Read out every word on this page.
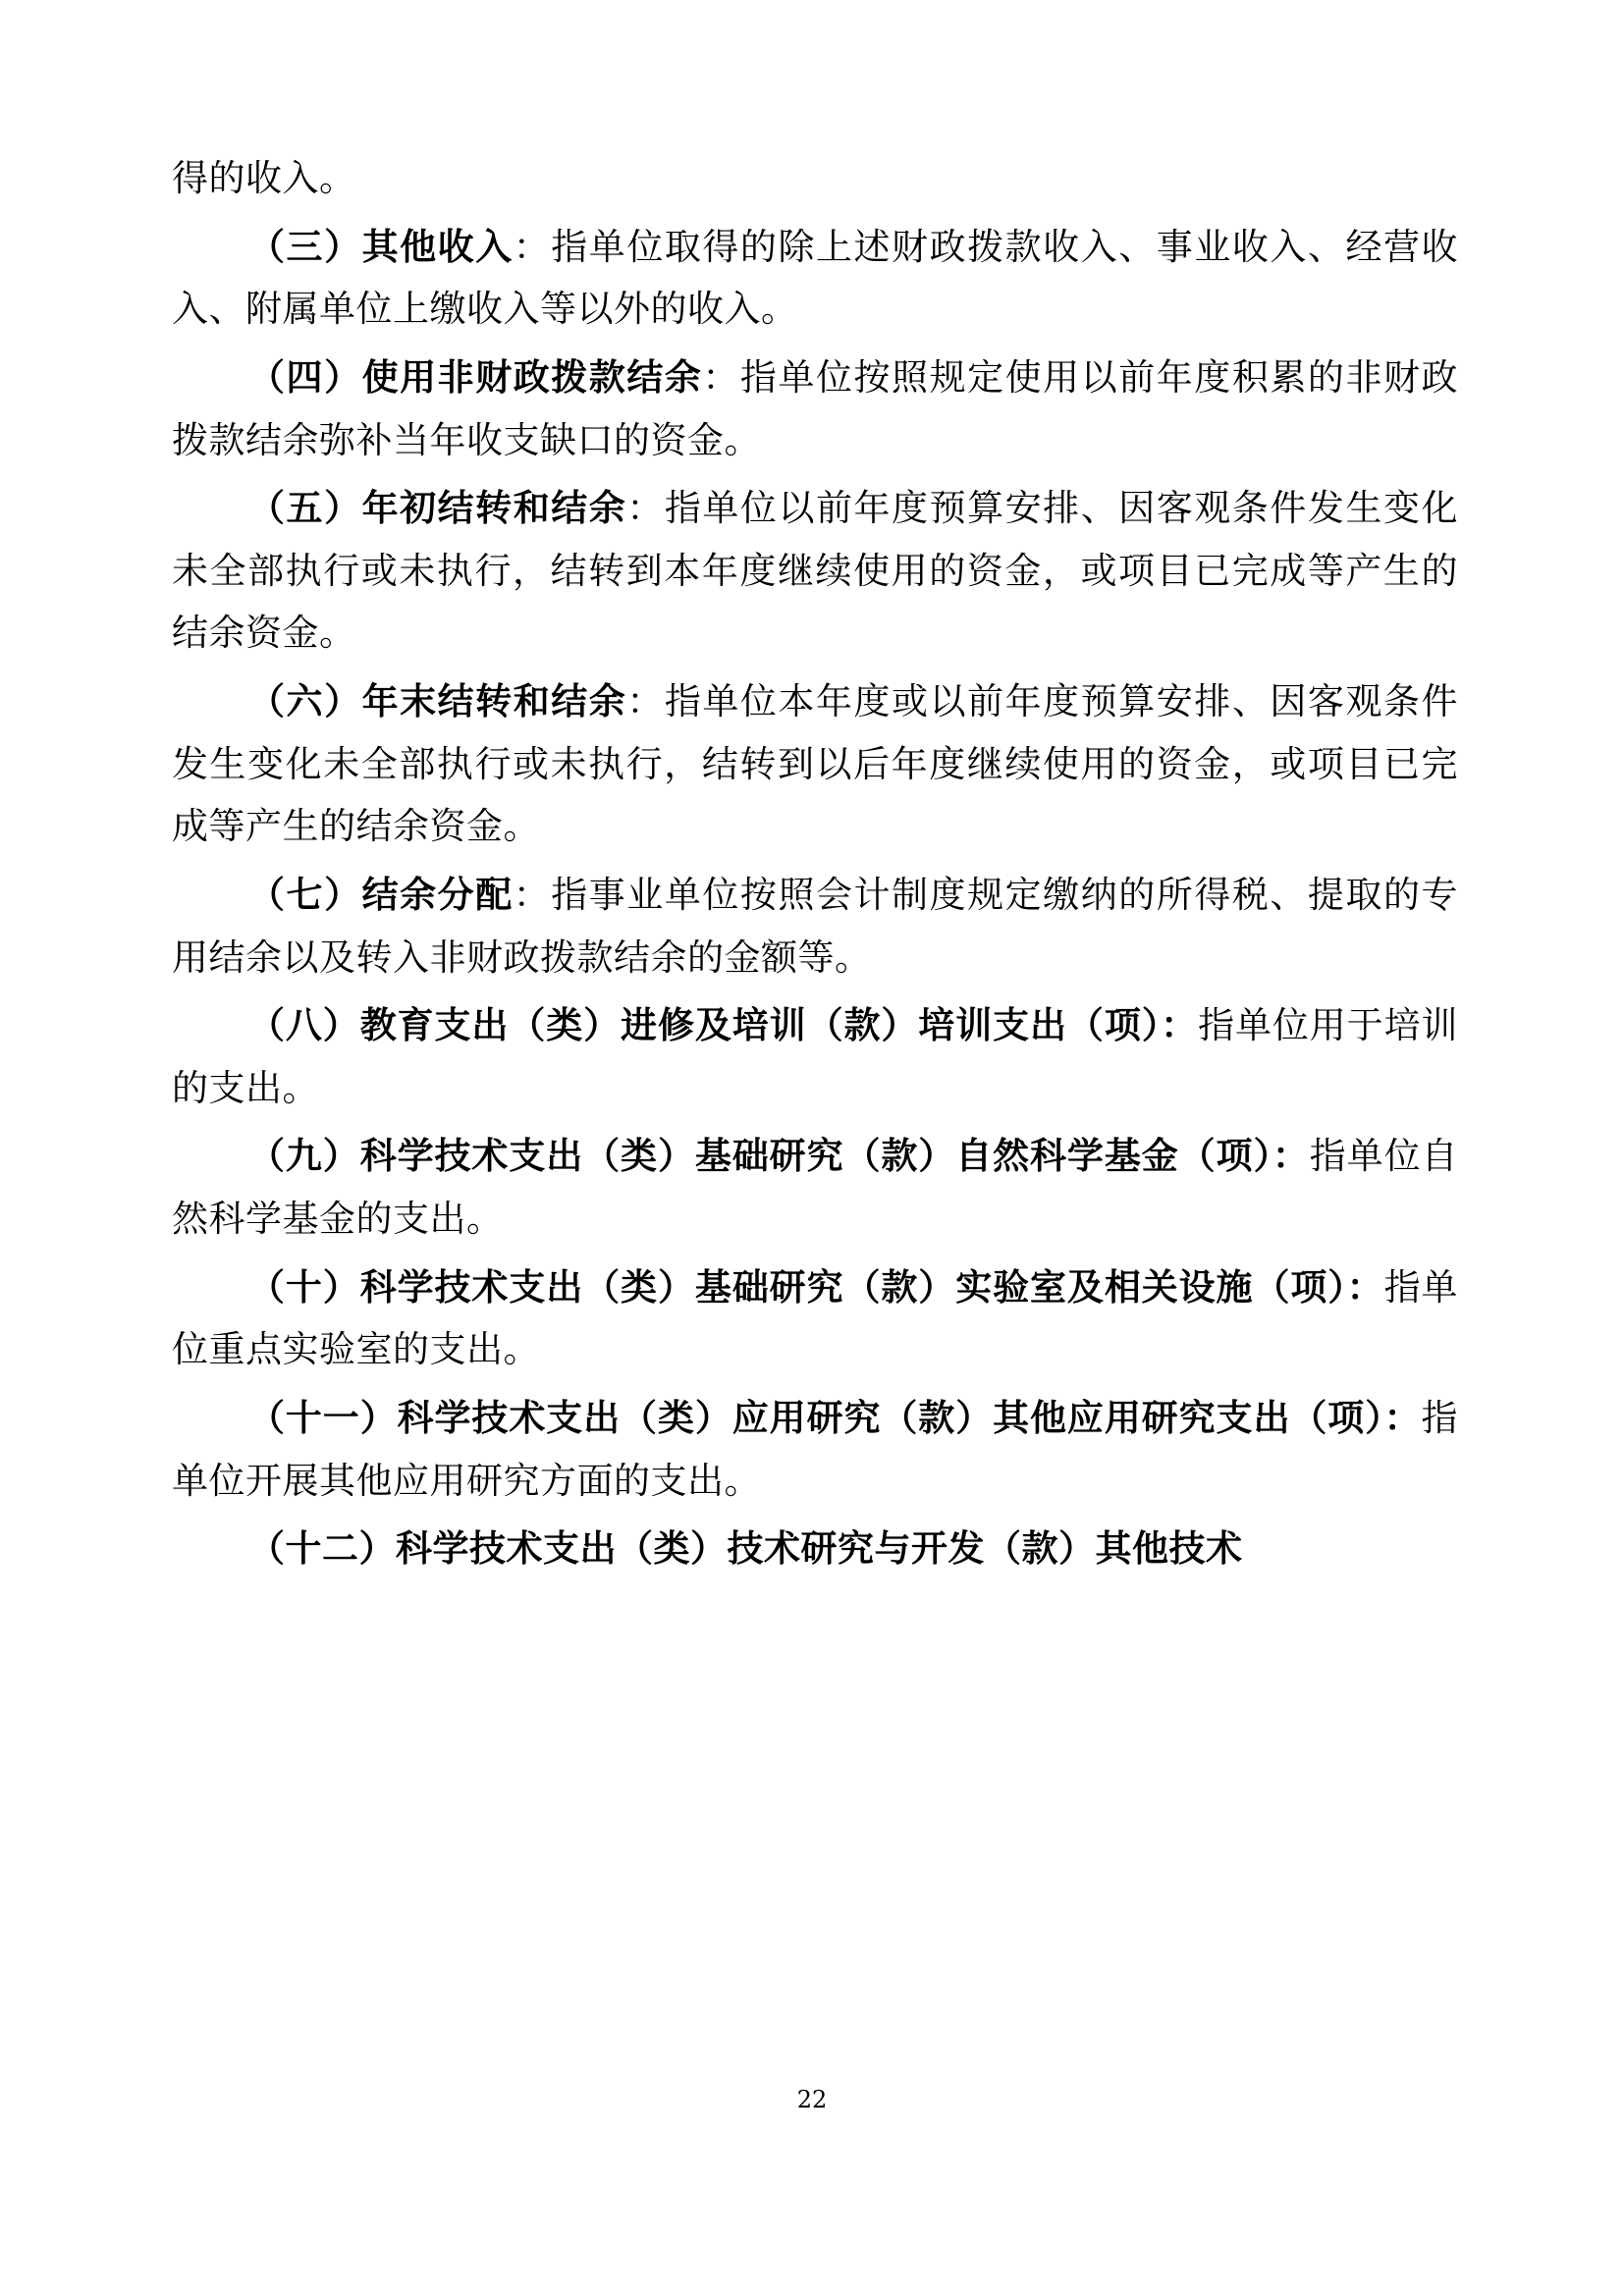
得的收入。
（三）其他收入：指单位取得的除上述财政拨款收入、事业收入、经营收入、附属单位上缴收入等以外的收入。
（四）使用非财政拨款结余：指单位按照规定使用以前年度积累的非财政拨款结余弥补当年收支缺口的资金。
（五）年初结转和结余：指单位以前年度预算安排、因客观条件发生变化未全部执行或未执行，结转到本年度继续使用的资金，或项目已完成等产生的结余资金。
（六）年末结转和结余：指单位本年度或以前年度预算安排、因客观条件发生变化未全部执行或未执行，结转到以后年度继续使用的资金，或项目已完成等产生的结余资金。
（七）结余分配：指事业单位按照会计制度规定缴纳的所得税、提取的专用结余以及转入非财政拨款结余的金额等。
（八）教育支出（类）进修及培训（款）培训支出（项）：指单位用于培训的支出。
（九）科学技术支出（类）基础研究（款）自然科学基金（项）：指单位自然科学基金的支出。
（十）科学技术支出（类）基础研究（款）实验室及相关设施（项）：指单位重点实验室的支出。
（十一）科学技术支出（类）应用研究（款）其他应用研究支出（项）：指单位开展其他应用研究方面的支出。
（十二）科学技术支出（类）技术研究与开发（款）其他技术
22
